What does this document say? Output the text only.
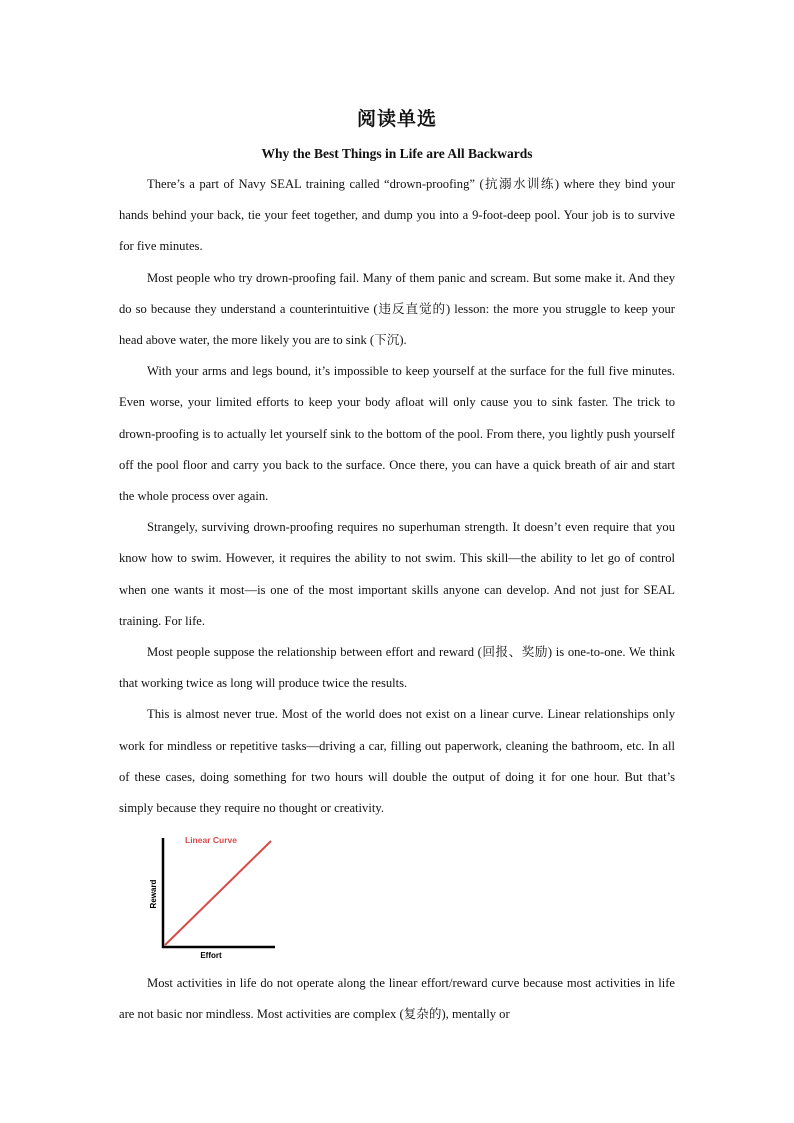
阅读单选
Why the Best Things in Life are All Backwards

There’s a part of Navy SEAL training called “drown-proofing” (抗溺水训练) where they bind your hands behind your back, tie your feet together, and dump you into a 9-foot-deep pool. Your job is to survive for five minutes.

Most people who try drown-proofing fail. Many of them panic and scream. But some make it. And they do so because they understand a counterintuitive (违反直觉的) lesson: the more you struggle to keep your head above water, the more likely you are to sink (下沉).

With your arms and legs bound, it’s impossible to keep yourself at the surface for the full five minutes. Even worse, your limited efforts to keep your body afloat will only cause you to sink faster. The trick to drown-proofing is to actually let yourself sink to the bottom of the pool. From there, you lightly push yourself off the pool floor and carry you back to the surface. Once there, you can have a quick breath of air and start the whole process over again.

Strangely, surviving drown-proofing requires no superhuman strength. It doesn’t even require that you know how to swim. However, it requires the ability to not swim. This skill—the ability to let go of control when one wants it most—is one of the most important skills anyone can develop. And not just for SEAL training. For life.

Most people suppose the relationship between effort and reward (回报、奖励) is one-to-one. We think that working twice as long will produce twice the results.

This is almost never true. Most of the world does not exist on a linear curve. Linear relationships only work for mindless or repetitive tasks—driving a car, filling out paperwork, cleaning the bathroom, etc. In all of these cases, doing something for two hours will double the output of doing it for one hour. But that’s simply because they require no thought or creativity.

Linear Curve
Reward
Effort

Most activities in life do not operate along the linear effort/reward curve because most activities in life are not basic nor mindless. Most activities are complex (复杂的), mentally or
